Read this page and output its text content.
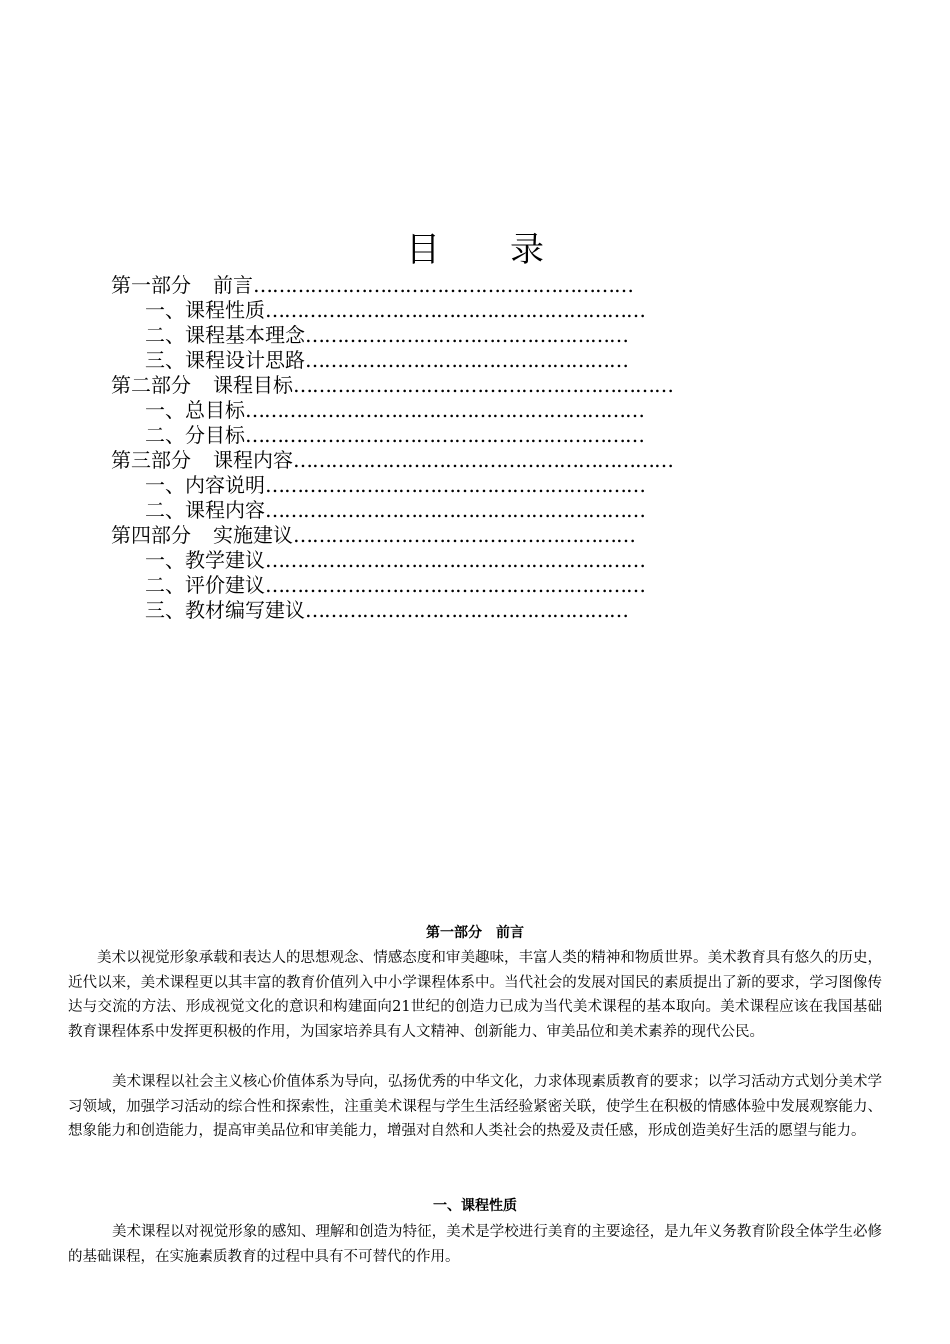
目录
第一部分 前言……………………………………………………
一、课程性质……………………………………………………
二、课程基本理念……………………………………………
三、课程设计思路……………………………………………
第二部分 课程目标……………………………………………………
一、总目标………………………………………………………
二、分目标………………………………………………………
第三部分 课程内容……………………………………………………
一、内容说明……………………………………………………
二、课程内容……………………………………………………
第四部分 实施建议………………………………………………
一、教学建议……………………………………………………
二、评价建议……………………………………………………
三、教材编写建议……………………………………………
第一部分　前言

美术以视觉形象承载和表达人的思想观念、情感态度和审美趣味，丰富人类的精神和物质世界。美术教育具有悠久的历史，近代以来，美术课程更以其丰富的教育价值列入中小学课程体系中。当代社会的发展对国民的素质提出了新的要求，学习图像传达与交流的方法、形成视觉文化的意识和构建面向21世纪的创造力已成为当代美术课程的基本取向。美术课程应该在我国基础教育课程体系中发挥更积极的作用，为国家培养具有人文精神、创新能力、审美品位和美术素养的现代公民。

美术课程以社会主义核心价值体系为导向，弘扬优秀的中华文化，力求体现素质教育的要求；以学习活动方式划分美术学习领域，加强学习活动的综合性和探索性，注重美术课程与学生生活经验紧密关联，使学生在积极的情感体验中发展观察能力、想象能力和创造能力，提高审美品位和审美能力，增强对自然和人类社会的热爱及责任感，形成创造美好生活的愿望与能力。

一、课程性质

美术课程以对视觉形象的感知、理解和创造为特征，美术是学校进行美育的主要途径，是九年义务教育阶段全体学生必修的基础课程，在实施素质教育的过程中具有不可替代的作用。
